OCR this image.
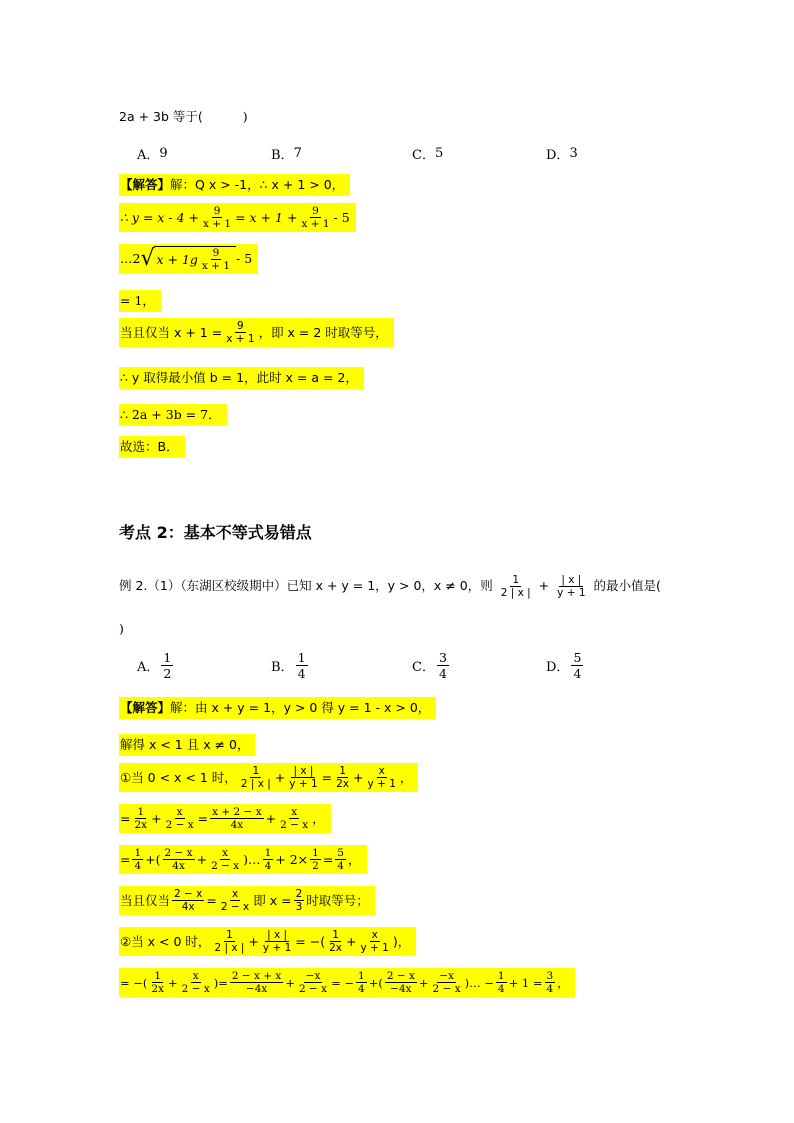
2a + 3b 等于(	)
A． 9	B． 7	C． 5	D． 3
【解答】 解：Q x > -1，∴ x + 1 > 0，
∴ $y = x - 4 + \frac{9}{x + 1} = x + 1 + \frac{9}{x + 1} - 5$
…2 √ $x + 1g \frac{9}{x + 1} - 5$
= 1，
当且仅当 $x + 1 = \frac{9}{x + 1}$ ，即 x = 2 时取等号，
∴ y 取得最小值 b = 1，此时 x = a = 2，
∴ 2a + 3b = 7．
故选：B．
考点 2：基本不等式易错点
例 2.（1）（东湖区校级期中）已知 x + y = 1，y > 0，x ≠ 0，则 $\frac{1}{2 | x |} + \frac{| x |}{y + 1}$ 的最小值是(
)
A． $\frac{1}{2}$	B． $\frac{1}{4}$	C． $\frac{3}{4}$	D． $\frac{5}{4}$
【解答】 解：由 x + y = 1，y > 0 得 y = 1 - x > 0，
解得 x < 1 且 x ≠ 0，
①当 0 < x < 1 时， $\frac{1}{2 | x |} + \frac{| x |}{y + 1} = \frac{1}{2x} + \frac{x}{y + 1}$ ，
= $\frac{1}{2x} + \frac{x}{2 - x} = \frac{x + 2 - x}{4x} + \frac{x}{2 - x}$ ，
= $\frac{1}{4}$ +( $\frac{2 - x}{4x} + \frac{x}{2 - x}$ )… $\frac{1}{4} + 2\times \frac{1}{2} = \frac{5}{4}$ ，
当且仅当 $\frac{2 - x}{4x} = \frac{x}{2 - x}$ 即 $x = \frac{2}{3}$ 时取等号；
②当 x < 0 时， $\frac{1}{2 | x |} + \frac{| x |}{y + 1}$ = −( $\frac{1}{2x} + \frac{x}{y + 1}$ ) ，
= −( $\frac{1}{2x} + \frac{x}{2 - x}$ )= $\frac{2 - x + x}{-4x} + \frac{-x}{2 - x}$ = − $\frac{1}{4}$ +( $\frac{2 - x}{-4x} + \frac{-x}{2 - x}$ )… − $\frac{1}{4} + 1 = \frac{3}{4}$ ，
